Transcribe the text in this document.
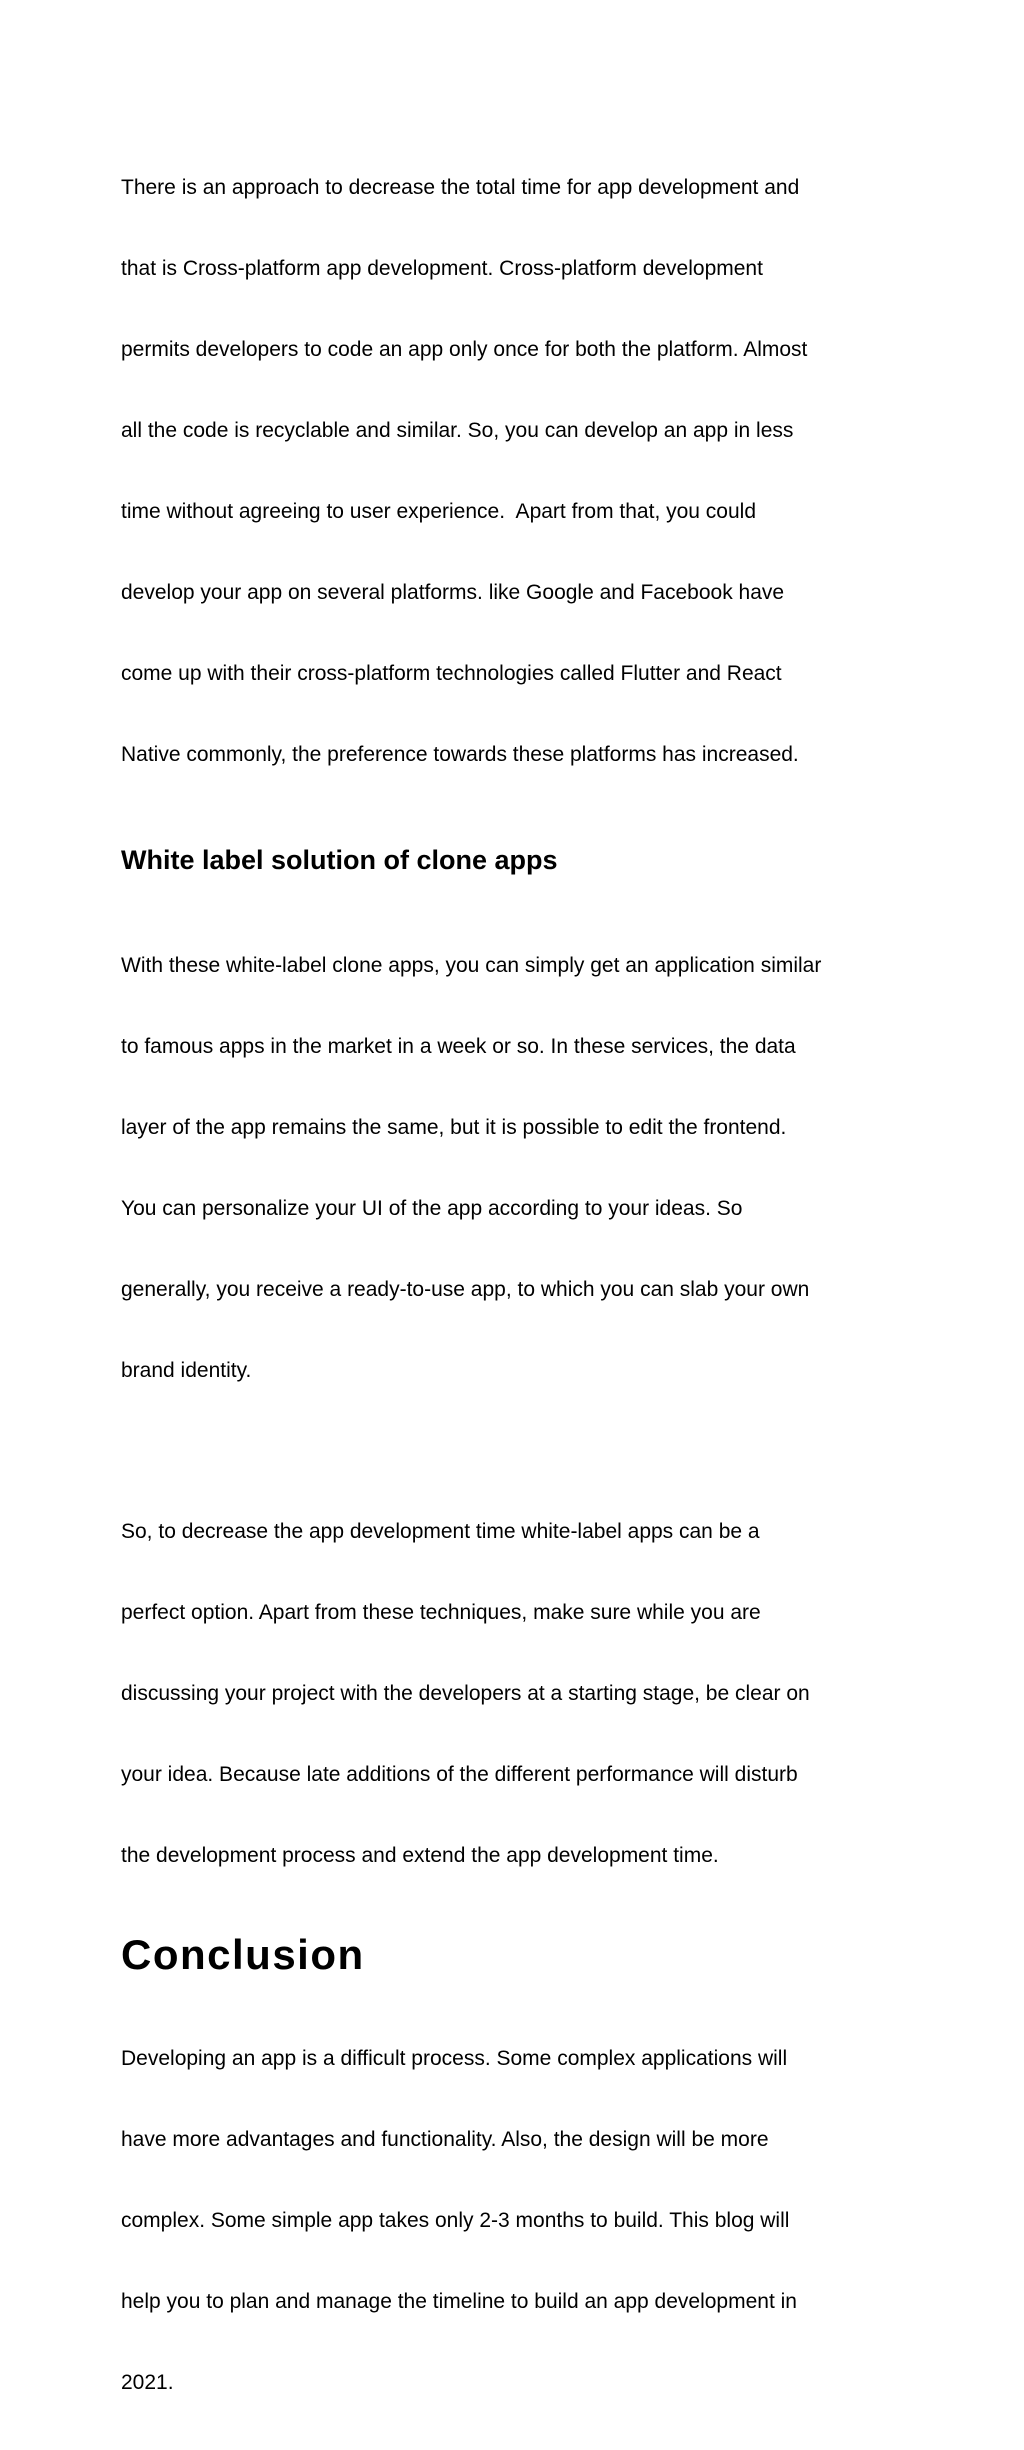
There is an approach to decrease the total time for app development and

that is Cross-platform app development. Cross-platform development

permits developers to code an app only once for both the platform. Almost

all the code is recyclable and similar. So, you can develop an app in less

time without agreeing to user experience.  Apart from that, you could

develop your app on several platforms. like Google and Facebook have

come up with their cross-platform technologies called Flutter and React

Native commonly, the preference towards these platforms has increased.

White label solution of clone apps

With these white-label clone apps, you can simply get an application similar

to famous apps in the market in a week or so. In these services, the data

layer of the app remains the same, but it is possible to edit the frontend.

You can personalize your UI of the app according to your ideas. So

generally, you receive a ready-to-use app, to which you can slab your own

brand identity.

So, to decrease the app development time white-label apps can be a

perfect option. Apart from these techniques, make sure while you are

discussing your project with the developers at a starting stage, be clear on

your idea. Because late additions of the different performance will disturb

the development process and extend the app development time.

Conclusion

Developing an app is a difficult process. Some complex applications will

have more advantages and functionality. Also, the design will be more

complex. Some simple app takes only 2-3 months to build. This blog will

help you to plan and manage the timeline to build an app development in

2021.
